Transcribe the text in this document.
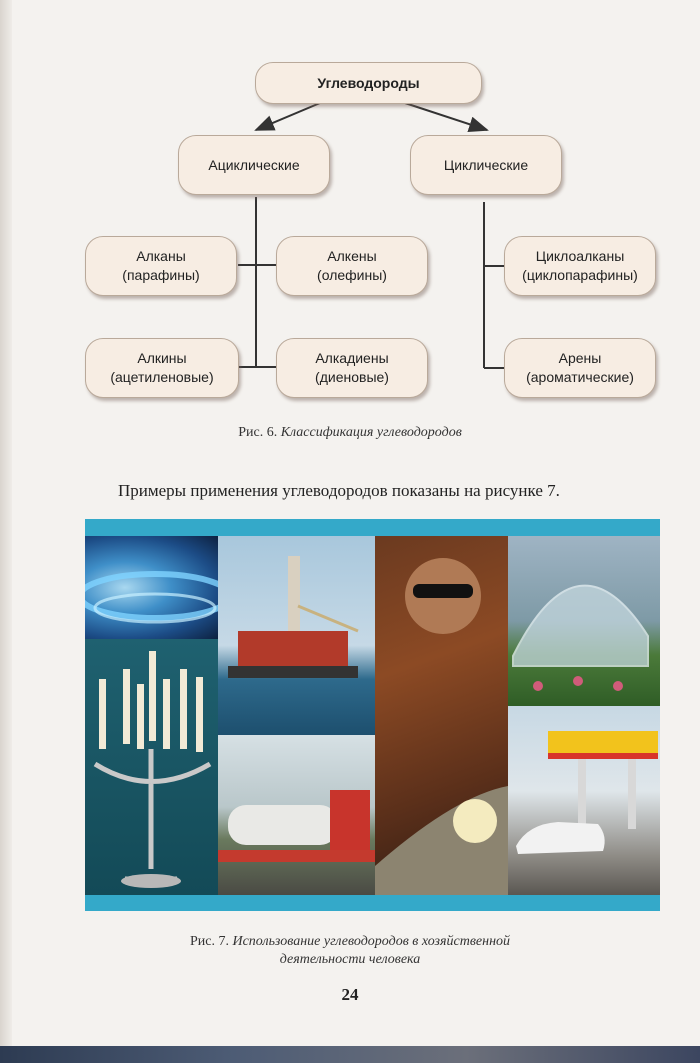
Углеводороды
Ациклические	Циклические
Алканы
(парафины)
Алкены
(олефины)
Алкины
(ацетиленовые)
Алкадиены
(диеновые)
Циклоалканы
(циклопарафины)
Арены
(ароматические)
Рис. 6. Классификация углеводородов
Примеры применения углеводородов показаны на рисунке 7.
Рис. 7. Использование углеводородов в хозяйственной
деятельности человека
24
